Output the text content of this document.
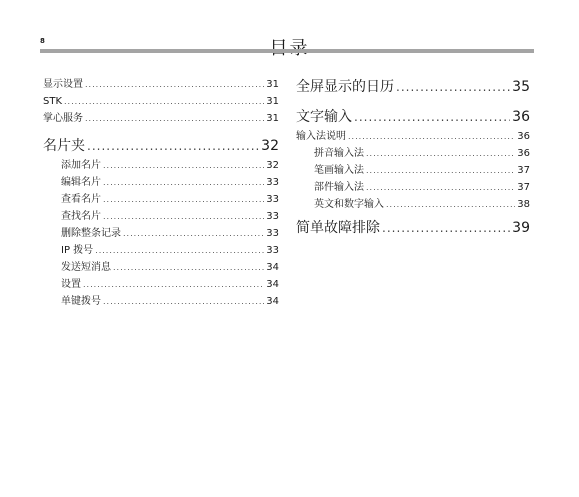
8
显示设置 .....	31
STK .....	31
掌心服务 .....	31
名片夹 .....	32
添加名片 .....	32
编辑名片 .....	33
查看名片 .....	33
查找名片 .....	33
删除整条记录 .....	33
IP 拨号 .....	33
发送短消息 .....	34
设置 .....	34
单键拨号 .....	34
全屏显示的日历 .....	35
文字输入 .....	36
输入法说明 .....	36
拼音输入法 .....	36
笔画输入法 .....	37
部件输入法 .....	37
英文和数字输入 .....	38
简单故障排除 .....	39
